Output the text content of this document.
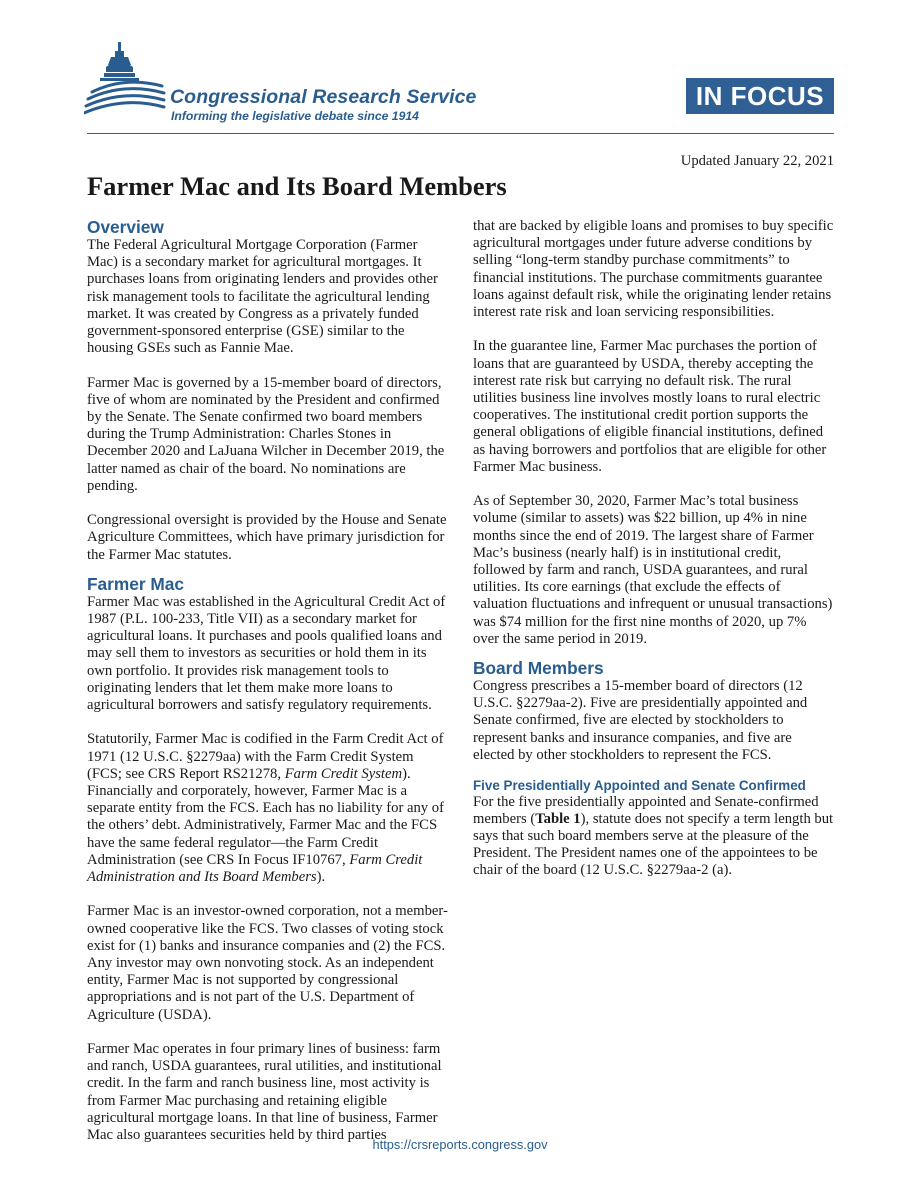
Congressional Research Service
Informing the legislative debate since 1914
IN FOCUS
Updated January 22, 2021
Farmer Mac and Its Board Members
Overview

The Federal Agricultural Mortgage Corporation (Farmer Mac) is a secondary market for agricultural mortgages. It purchases loans from originating lenders and provides other risk management tools to facilitate the agricultural lending market. It was created by Congress as a privately funded government-sponsored enterprise (GSE) similar to the housing GSEs such as Fannie Mae.

Farmer Mac is governed by a 15-member board of directors, five of whom are nominated by the President and confirmed by the Senate. The Senate confirmed two board members during the Trump Administration: Charles Stones in December 2020 and LaJuana Wilcher in December 2019, the latter named as chair of the board. No nominations are pending.

Congressional oversight is provided by the House and Senate Agriculture Committees, which have primary jurisdiction for the Farmer Mac statutes.

Farmer Mac

Farmer Mac was established in the Agricultural Credit Act of 1987 (P.L. 100-233, Title VII) as a secondary market for agricultural loans. It purchases and pools qualified loans and may sell them to investors as securities or hold them in its own portfolio. It provides risk management tools to originating lenders that let them make more loans to agricultural borrowers and satisfy regulatory requirements.

Statutorily, Farmer Mac is codified in the Farm Credit Act of 1971 (12 U.S.C. §2279aa) with the Farm Credit System (FCS; see CRS Report RS21278, Farm Credit System). Financially and corporately, however, Farmer Mac is a separate entity from the FCS. Each has no liability for any of the others’ debt. Administratively, Farmer Mac and the FCS have the same federal regulator—the Farm Credit Administration (see CRS In Focus IF10767, Farm Credit Administration and Its Board Members).

Farmer Mac is an investor-owned corporation, not a member-owned cooperative like the FCS. Two classes of voting stock exist for (1) banks and insurance companies and (2) the FCS. Any investor may own nonvoting stock. As an independent entity, Farmer Mac is not supported by congressional appropriations and is not part of the U.S. Department of Agriculture (USDA).

Farmer Mac operates in four primary lines of business: farm and ranch, USDA guarantees, rural utilities, and institutional credit. In the farm and ranch business line, most activity is from Farmer Mac purchasing and retaining eligible agricultural mortgage loans. In that line of business, Farmer Mac also guarantees securities held by third parties

that are backed by eligible loans and promises to buy specific agricultural mortgages under future adverse conditions by selling “long-term standby purchase commitments” to financial institutions. The purchase commitments guarantee loans against default risk, while the originating lender retains interest rate risk and loan servicing responsibilities.

In the guarantee line, Farmer Mac purchases the portion of loans that are guaranteed by USDA, thereby accepting the interest rate risk but carrying no default risk. The rural utilities business line involves mostly loans to rural electric cooperatives. The institutional credit portion supports the general obligations of eligible financial institutions, defined as having borrowers and portfolios that are eligible for other Farmer Mac business.

As of September 30, 2020, Farmer Mac’s total business volume (similar to assets) was $22 billion, up 4% in nine months since the end of 2019. The largest share of Farmer Mac’s business (nearly half) is in institutional credit, followed by farm and ranch, USDA guarantees, and rural utilities. Its core earnings (that exclude the effects of valuation fluctuations and infrequent or unusual transactions) was $74 million for the first nine months of 2020, up 7% over the same period in 2019.

Board Members

Congress prescribes a 15-member board of directors (12 U.S.C. §2279aa-2). Five are presidentially appointed and Senate confirmed, five are elected by stockholders to represent banks and insurance companies, and five are elected by other stockholders to represent the FCS.

Five Presidentially Appointed and Senate Confirmed

For the five presidentially appointed and Senate-confirmed members (Table 1), statute does not specify a term length but says that such board members serve at the pleasure of the President. The President names one of the appointees to be chair of the board (12 U.S.C. §2279aa-2 (a).

https://crsreports.congress.gov
